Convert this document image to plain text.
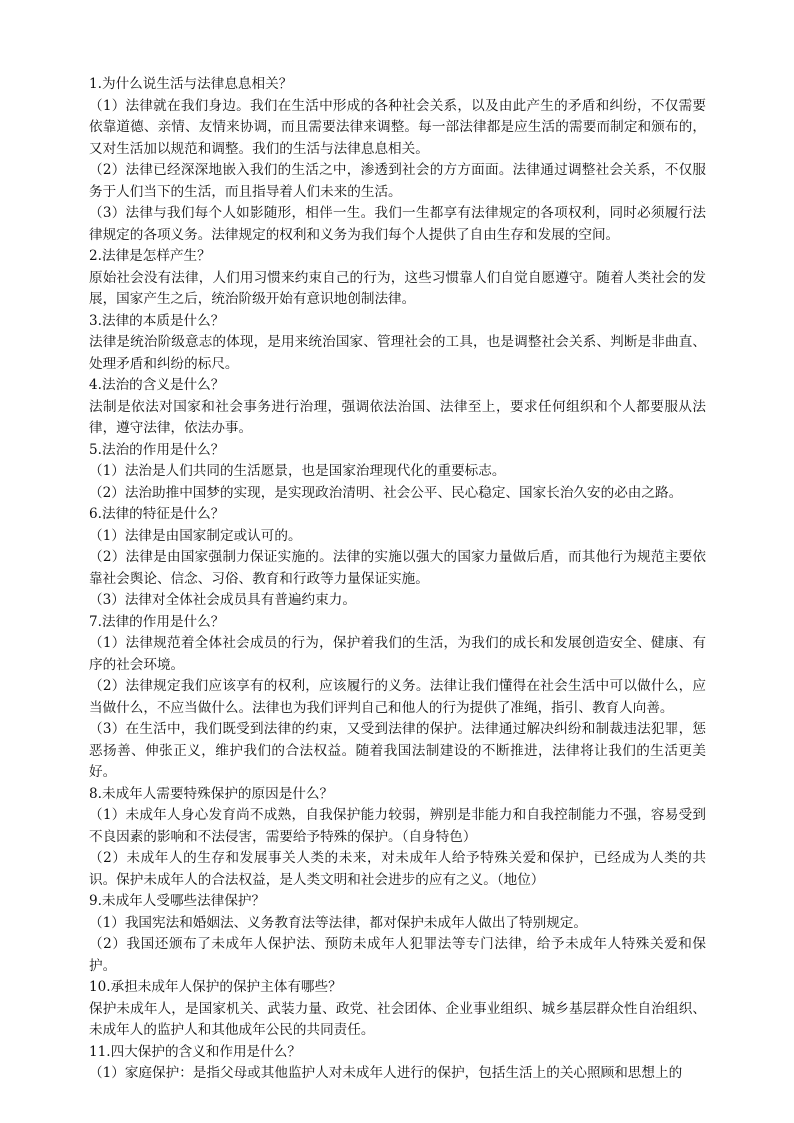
1.为什么说生活与法律息息相关？

（1）法律就在我们身边。我们在生活中形成的各种社会关系，以及由此产生的矛盾和纠纷，不仅需要依靠道德、亲情、友情来协调，而且需要法律来调整。每一部法律都是应生活的需要而制定和颁布的，又对生活加以规范和调整。我们的生活与法律息息相关。

（2）法律已经深深地嵌入我们的生活之中，渗透到社会的方方面面。法律通过调整社会关系，不仅服务于人们当下的生活，而且指导着人们未来的生活。

（3）法律与我们每个人如影随形，相伴一生。我们一生都享有法律规定的各项权利，同时必须履行法律规定的各项义务。法律规定的权利和义务为我们每个人提供了自由生存和发展的空间。

2.法律是怎样产生？

原始社会没有法律，人们用习惯来约束自己的行为，这些习惯靠人们自觉自愿遵守。随着人类社会的发展，国家产生之后，统治阶级开始有意识地创制法律。

3.法律的本质是什么？

法律是统治阶级意志的体现，是用来统治国家、管理社会的工具，也是调整社会关系、判断是非曲直、处理矛盾和纠纷的标尺。

4.法治的含义是什么？

法制是依法对国家和社会事务进行治理，强调依法治国、法律至上，要求任何组织和个人都要服从法律，遵守法律，依法办事。

5.法治的作用是什么？

（1）法治是人们共同的生活愿景，也是国家治理现代化的重要标志。

（2）法治助推中国梦的实现，是实现政治清明、社会公平、民心稳定、国家长治久安的必由之路。

6.法律的特征是什么？

（1）法律是由国家制定或认可的。

（2）法律是由国家强制力保证实施的。法律的实施以强大的国家力量做后盾，而其他行为规范主要依靠社会舆论、信念、习俗、教育和行政等力量保证实施。

（3）法律对全体社会成员具有普遍约束力。

7.法律的作用是什么？

（1）法律规范着全体社会成员的行为，保护着我们的生活，为我们的成长和发展创造安全、健康、有序的社会环境。

（2）法律规定我们应该享有的权利，应该履行的义务。法律让我们懂得在社会生活中可以做什么，应当做什么，不应当做什么。法律也为我们评判自己和他人的行为提供了准绳，指引、教育人向善。

（3）在生活中，我们既受到法律的约束，又受到法律的保护。法律通过解决纠纷和制裁违法犯罪，惩恶扬善、伸张正义，维护我们的合法权益。随着我国法制建设的不断推进，法律将让我们的生活更美好。

8.未成年人需要特殊保护的原因是什么？

（1）未成年人身心发育尚不成熟，自我保护能力较弱，辨别是非能力和自我控制能力不强，容易受到不良因素的影响和不法侵害，需要给予特殊的保护。（自身特色）

（2）未成年人的生存和发展事关人类的未来，对未成年人给予特殊关爱和保护，已经成为人类的共识。保护未成年人的合法权益，是人类文明和社会进步的应有之义。（地位）

9.未成年人受哪些法律保护？

（1）我国宪法和婚姻法、义务教育法等法律，都对保护未成年人做出了特别规定。

（2）我国还颁布了未成年人保护法、预防未成年人犯罪法等专门法律，给予未成年人特殊关爱和保护。

10.承担未成年人保护的保护主体有哪些？

保护未成年人，是国家机关、武装力量、政党、社会团体、企业事业组织、城乡基层群众性自治组织、未成年人的监护人和其他成年公民的共同责任。

11.四大保护的含义和作用是什么？

（1）家庭保护：是指父母或其他监护人对未成年人进行的保护，包括生活上的关心照顾和思想上的
